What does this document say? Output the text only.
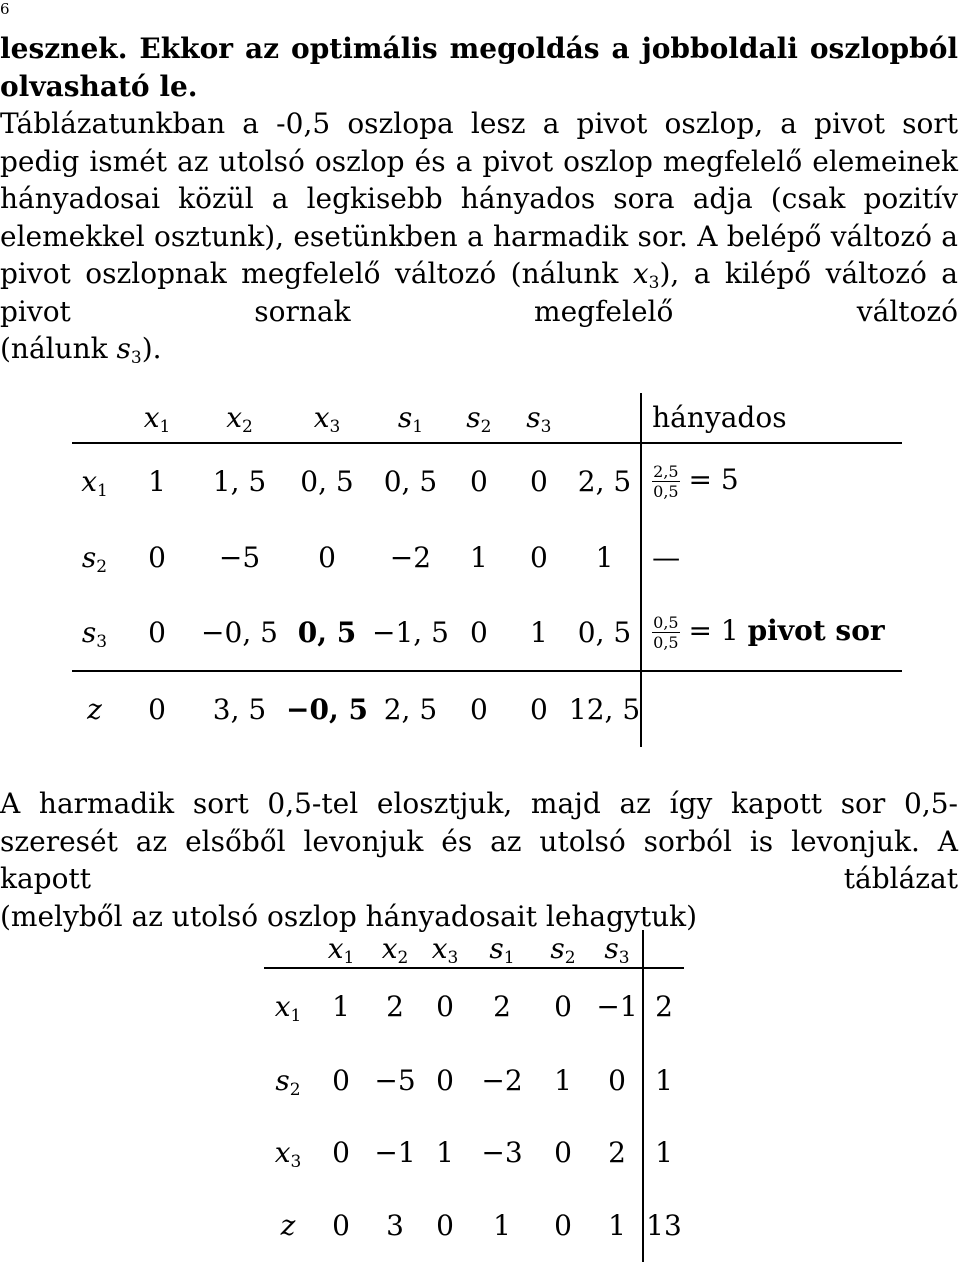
6
lesznek. Ekkor az optimális megoldás a jobboldali oszlopból
olvasható le.
Táblázatunkban a -0,5 oszlopa lesz a pivot oszlop, a pivot sort pedig ismét az utolsó oszlop és a pivot oszlop megfelelő elemeinek hányadosai közül a legkisebb hányados sora adja (csak pozitív elemekkel osztunk), esetünkben a harmadik sor. A belépő változó a pivot oszlopnak megfelelő változó (nálunk $x_3$), a kilépő változó a pivot sornak megfelelő változó
(nálunk $s_3$).
	$x_1$	$x_2$	$x_3$	$s_1$	$s_2$	$s_3$		hányados
$x_1$	1	1, 5	0, 5	0, 5	0	0	2, 5	$\frac{2,5}{0,5} = 5$
$s_2$	0	−5	0	−2	1	0	1	—
$s_3$	0	−0, 5	0, 5	−1, 5	0	1	0, 5	$\frac{0,5}{0,5} = 1$ pivot sor
z	0	3, 5	−0, 5	2, 5	0	0	12, 5	
A harmadik sort 0,5-tel elosztjuk, majd az így kapott sor 0,5-szeresét az elsőből levonjuk és az utolsó sorból is levonjuk. A kapott táblázat
(melyből az utolsó oszlop hányadosait lehagytuk)
	$x_1$	$x_2$	$x_3$	$s_1$	$s_2$	$s_3$	
$x_1$	1	2	0	2	0	−1	2
$s_2$	0	−5	0	−2	1	0	1
$x_3$	0	−1	1	−3	0	2	1
z	0	3	0	1	0	1	13
